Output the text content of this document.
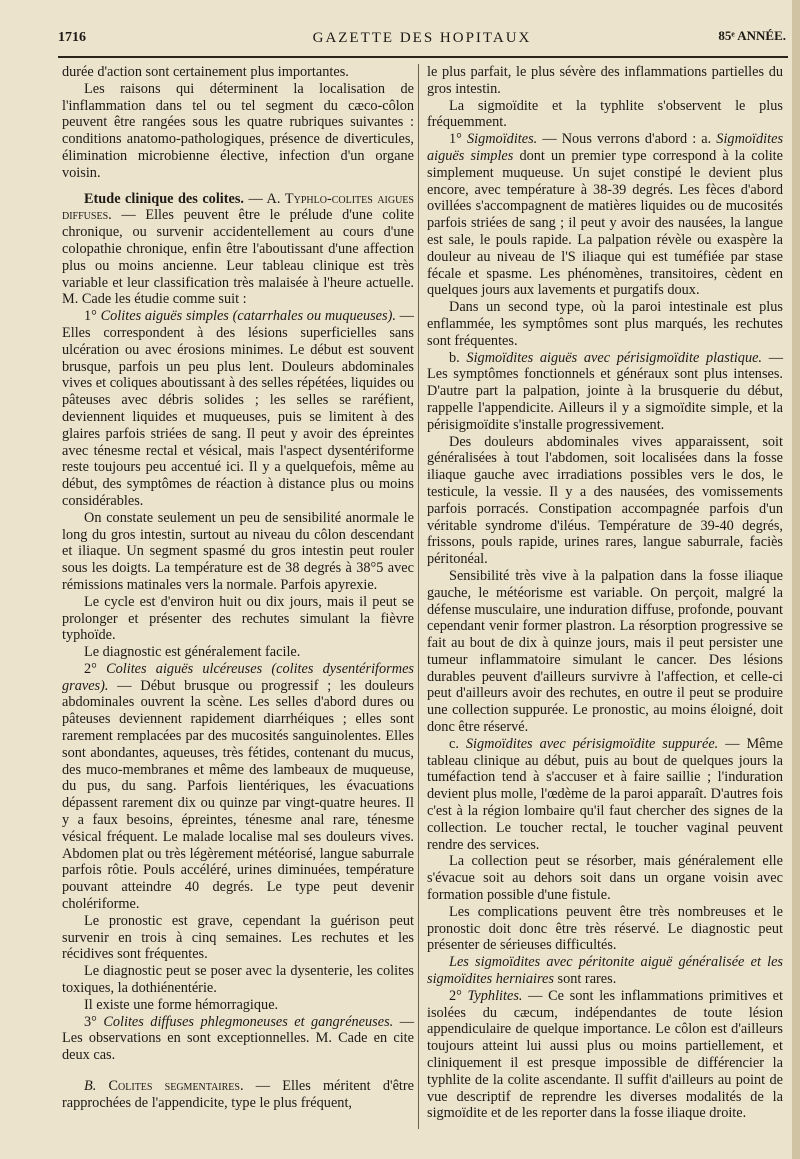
1716	GAZETTE DES HOPITAUX	85ᵉ ANNÉE.

durée d'action sont certainement plus importantes.

Les raisons qui déterminent la localisation de l'inflammation dans tel ou tel segment du cæco-côlon peuvent être rangées sous les quatre rubriques suivantes : conditions anatomo-pathologiques, présence de diverticules, élimination microbienne élective, infection d'un organe voisin.

Etude clinique des colites. — A. Typhlo-colites aigues diffuses. — Elles peuvent être le prélude d'une colite chronique, ou survenir accidentellement au cours d'une colopathie chronique, enfin être l'aboutissant d'une affection plus ou moins ancienne. Leur tableau clinique est très variable et leur classification très malaisée à l'heure actuelle. M. Cade les étudie comme suit :

1° Colites aiguës simples (catarrhales ou muqueuses). — Elles correspondent à des lésions superficielles sans ulcération ou avec érosions minimes. Le début est souvent brusque, parfois un peu plus lent. Douleurs abdominales vives et coliques aboutissant à des selles répétées, liquides ou pâteuses avec débris solides ; les selles se raréfient, deviennent liquides et muqueuses, puis se limitent à des glaires parfois striées de sang. Il peut y avoir des épreintes avec ténesme rectal et vésical, mais l'aspect dysentériforme reste toujours peu accentué ici. Il y a quelquefois, même au début, des symptômes de réaction à distance plus ou moins considérables.

On constate seulement un peu de sensibilité anormale le long du gros intestin, surtout au niveau du côlon descendant et iliaque. Un segment spasmé du gros intestin peut rouler sous les doigts. La température est de 38 degrés à 38°5 avec rémissions matinales vers la normale. Parfois apyrexie.

Le cycle est d'environ huit ou dix jours, mais il peut se prolonger et présenter des rechutes simulant la fièvre typhoïde.

Le diagnostic est généralement facile.

2° Colites aiguës ulcéreuses (colites dysentériformes graves). — Début brusque ou progressif ; les douleurs abdominales ouvrent la scène. Les selles d'abord dures ou pâteuses deviennent rapidement diarrhéiques ; elles sont rarement remplacées par des mucosités sanguinolentes. Elles sont abondantes, aqueuses, très fétides, contenant du mucus, des muco-membranes et même des lambeaux de muqueuse, du pus, du sang. Parfois lientériques, les évacuations dépassent rarement dix ou quinze par vingt-quatre heures. Il y a faux besoins, épreintes, ténesme anal rare, ténesme vésical fréquent. Le malade localise mal ses douleurs vives. Abdomen plat ou très légèrement météorisé, langue saburrale parfois rôtie. Pouls accéléré, urines diminuées, température pouvant atteindre 40 degrés. Le type peut devenir cholériforme.

Le pronostic est grave, cependant la guérison peut survenir en trois à cinq semaines. Les rechutes et les récidives sont fréquentes.

Le diagnostic peut se poser avec la dysenterie, les colites toxiques, la dothiénentérie.

Il existe une forme hémorragique.

3° Colites diffuses phlegmoneuses et gangréneuses. — Les observations en sont exceptionnelles. M. Cade en cite deux cas.

B. Colites segmentaires. — Elles méritent d'être rapprochées de l'appendicite, type le plus fréquent,

le plus parfait, le plus sévère des inflammations partielles du gros intestin.

La sigmoïdite et la typhlite s'observent le plus fréquemment.

1° Sigmoïdites. — Nous verrons d'abord : a. Sigmoïdites aiguës simples dont un premier type correspond à la colite simplement muqueuse. Un sujet constipé le devient plus encore, avec température à 38-39 degrés. Les fèces d'abord ovillées s'accompagnent de matières liquides ou de mucosités parfois striées de sang ; il peut y avoir des nausées, la langue est sale, le pouls rapide. La palpation révèle ou exaspère la douleur au niveau de l'S iliaque qui est tuméfiée par stase fécale et spasme. Les phénomènes, transitoires, cèdent en quelques jours aux lavements et purgatifs doux.

Dans un second type, où la paroi intestinale est plus enflammée, les symptômes sont plus marqués, les rechutes sont fréquentes.

b. Sigmoïdites aiguës avec périsigmoïdite plastique. — Les symptômes fonctionnels et généraux sont plus intenses. D'autre part la palpation, jointe à la brusquerie du début, rappelle l'appendicite. Ailleurs il y a sigmoïdite simple, et la périsigmoïdite s'installe progressivement.

Des douleurs abdominales vives apparaissent, soit généralisées à tout l'abdomen, soit localisées dans la fosse iliaque gauche avec irradiations possibles vers le dos, le testicule, la vessie. Il y a des nausées, des vomissements parfois porracés. Constipation accompagnée parfois d'un véritable syndrome d'iléus. Température de 39-40 degrés, frissons, pouls rapide, urines rares, langue saburrale, faciès péritonéal.

Sensibilité très vive à la palpation dans la fosse iliaque gauche, le météorisme est variable. On perçoit, malgré la défense musculaire, une induration diffuse, profonde, pouvant cependant venir former plastron. La résorption progressive se fait au bout de dix à quinze jours, mais il peut persister une tumeur inflammatoire simulant le cancer. Des lésions durables peuvent d'ailleurs survivre à l'affection, et celle-ci peut d'ailleurs avoir des rechutes, en outre il peut se produire une collection suppurée. Le pronostic, au moins éloigné, doit donc être réservé.

c. Sigmoïdites avec périsigmoïdite suppurée. — Même tableau clinique au début, puis au bout de quelques jours la tuméfaction tend à s'accuser et à faire saillie ; l'induration devient plus molle, l'œdème de la paroi apparaît. D'autres fois c'est à la région lombaire qu'il faut chercher des signes de la collection. Le toucher rectal, le toucher vaginal peuvent rendre des services.

La collection peut se résorber, mais généralement elle s'évacue soit au dehors soit dans un organe voisin avec formation possible d'une fistule.

Les complications peuvent être très nombreuses et le pronostic doit donc être très réservé. Le diagnostic peut présenter de sérieuses difficultés.

Les sigmoïdites avec péritonite aiguë généralisée et les sigmoïdites herniaires sont rares.

2° Typhlites. — Ce sont les inflammations primitives et isolées du cæcum, indépendantes de toute lésion appendiculaire de quelque importance. Le côlon est d'ailleurs toujours atteint lui aussi plus ou moins partiellement, et cliniquement il est presque impossible de différencier la typhlite de la colite ascendante. Il suffit d'ailleurs au point de vue descriptif de reprendre les diverses modalités de la sigmoïdite et de les reporter dans la fosse iliaque droite.
